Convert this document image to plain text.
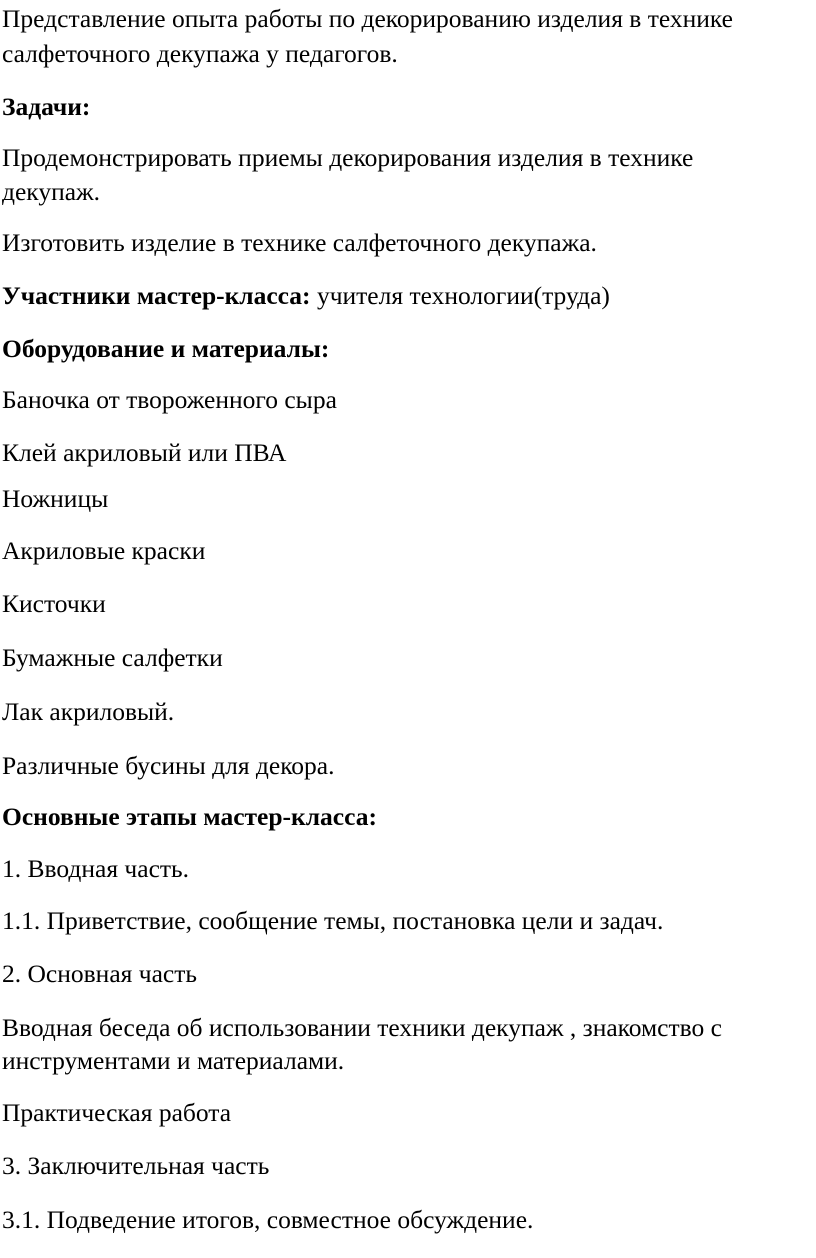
Представление опыта работы по декорированию изделия в технике

салфеточного декупажа у педагогов.

Задачи:

Продемонстрировать приемы декорирования изделия в технике

декупаж.

Изготовить изделие в технике салфеточного декупажа.

Участники мастер-класса: учителя технологии(труда)

Оборудование и материалы:

Баночка от твороженного сыра

Клей акриловый или ПВА

Ножницы

Акриловые краски

Кисточки

Бумажные салфетки

Лак акриловый.

Различные бусины для декора.

Основные этапы мастер-класса:

1. Вводная часть.

1.1. Приветствие, сообщение темы, постановка цели и задач.

2. Основная часть

Вводная беседа об использовании техники декупаж , знакомство с

инструментами и материалами.

Практическая работа

3. Заключительная часть

3.1. Подведение итогов, совместное обсуждение.
